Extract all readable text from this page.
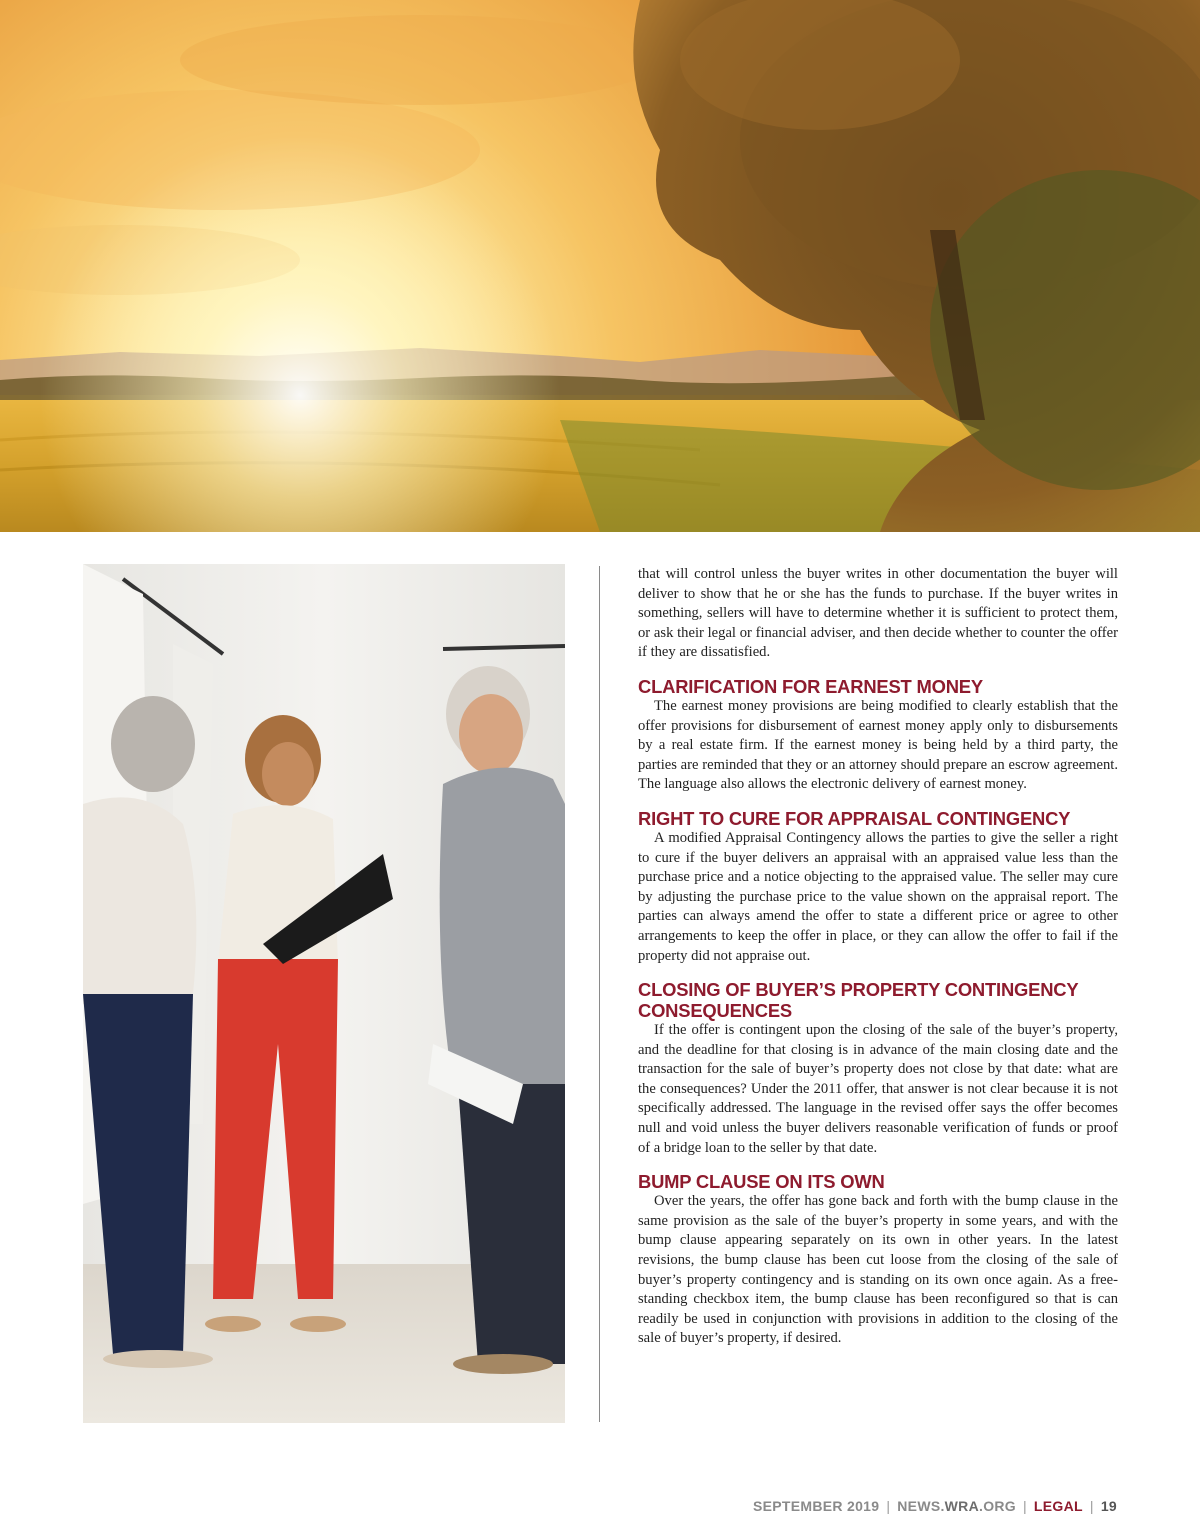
that will control unless the buyer writes in other documentation the buyer will deliver to show that he or she has the funds to purchase. If the buyer writes in something, sellers will have to determine whether it is sufficient to protect them, or ask their legal or financial adviser, and then decide whether to counter the offer if they are dissatisfied.

CLARIFICATION FOR EARNEST MONEY

The earnest money provisions are being modified to clearly establish that the offer provisions for disbursement of earnest money apply only to disbursements by a real estate firm. If the earnest money is being held by a third party, the parties are reminded that they or an attorney should prepare an escrow agreement. The language also allows the electronic delivery of earnest money.

RIGHT TO CURE FOR APPRAISAL CONTINGENCY

A modified Appraisal Contingency allows the parties to give the seller a right to cure if the buyer delivers an appraisal with an appraised value less than the purchase price and a notice objecting to the appraised value. The seller may cure by adjusting the purchase price to the value shown on the appraisal report. The parties can always amend the offer to state a different price or agree to other arrangements to keep the offer in place, or they can allow the offer to fail if the property did not appraise out.

CLOSING OF BUYER’S PROPERTY CONTINGENCY CONSEQUENCES

If the offer is contingent upon the closing of the sale of the buyer’s property, and the deadline for that closing is in advance of the main closing date and the transaction for the sale of buyer’s property does not close by that date: what are the consequences? Under the 2011 offer, that answer is not clear because it is not specifically addressed. The language in the revised offer says the offer becomes null and void unless the buyer delivers reasonable verification of funds or proof of a bridge loan to the seller by that date.

BUMP CLAUSE ON ITS OWN

Over the years, the offer has gone back and forth with the bump clause in the same provision as the sale of the buyer’s property in some years, and with the bump clause appearing separately on its own in other years. In the latest revisions, the bump clause has been cut loose from the closing of the sale of buyer’s property contingency and is standing on its own once again. As a free-standing checkbox item, the bump clause has been reconfigured so that is can readily be used in conjunction with provisions in addition to the closing of the sale of buyer’s property, if desired.

SEPTEMBER 2019 | NEWS.WRA.ORG | LEGAL | 19
